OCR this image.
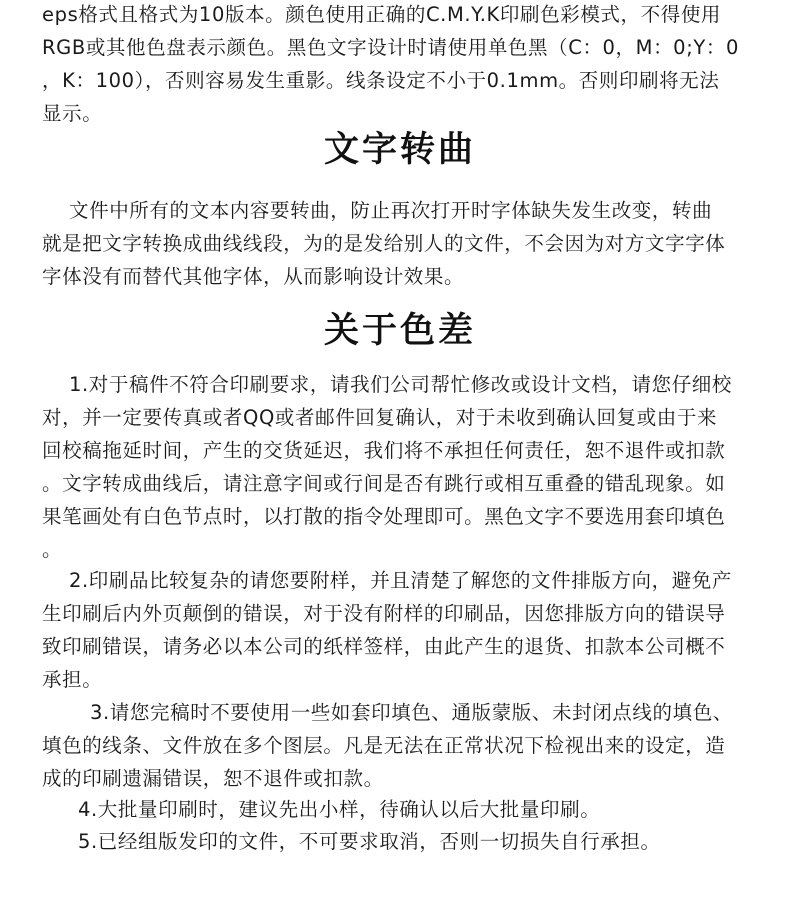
eps格式且格式为10版本。颜色使用正确的C.M.Y.K印刷色彩模式，不得使用
RGB或其他色盘表示颜色。黑色文字设计时请使用单色黑（C：0，M：0;Y：0
，K：100），否则容易发生重影。线条设定不小于0.1mm。否则印刷将无法
显示。

文字转曲

文件中所有的文本内容要转曲，防止再次打开时字体缺失发生改变，转曲
就是把文字转换成曲线线段，为的是发给别人的文件，不会因为对方文字字体
字体没有而替代其他字体，从而影响设计效果。

关于色差

1.对于稿件不符合印刷要求，请我们公司帮忙修改或设计文档，请您仔细校
对，并一定要传真或者QQ或者邮件回复确认，对于未收到确认回复或由于来
回校稿拖延时间，产生的交货延迟，我们将不承担任何责任，恕不退件或扣款
。文字转成曲线后，请注意字间或行间是否有跳行或相互重叠的错乱现象。如
果笔画处有白色节点时，以打散的指令处理即可。黑色文字不要选用套印填色
。

2.印刷品比较复杂的请您要附样，并且清楚了解您的文件排版方向，避免产
生印刷后内外页颠倒的错误，对于没有附样的印刷品，因您排版方向的错误导
致印刷错误，请务必以本公司的纸样签样，由此产生的退货、扣款本公司概不
承担。

3.请您完稿时不要使用一些如套印填色、通版蒙版、未封闭点线的填色、
填色的线条、文件放在多个图层。凡是无法在正常状况下检视出来的设定，造
成的印刷遗漏错误，恕不退件或扣款。

4.大批量印刷时，建议先出小样，待确认以后大批量印刷。

5.已经组版发印的文件，不可要求取消，否则一切损失自行承担。
